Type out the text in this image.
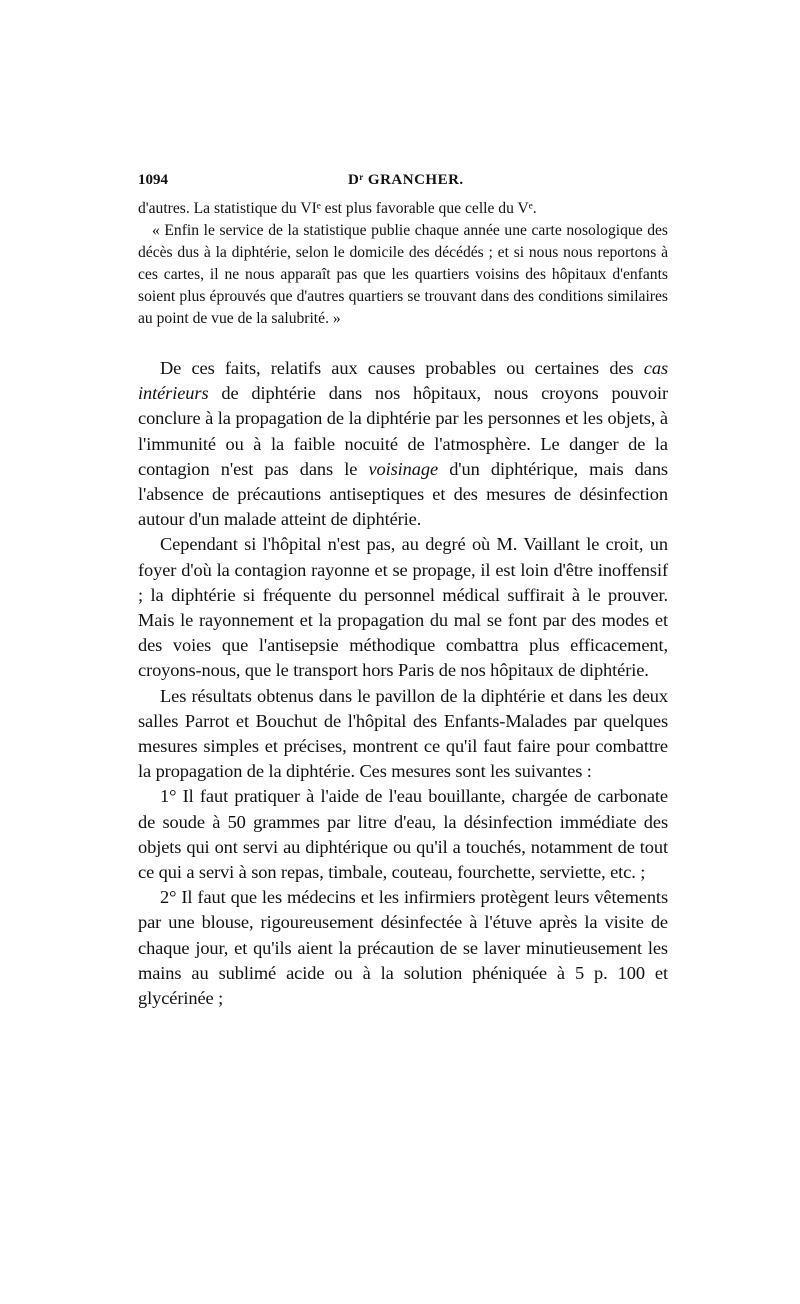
1094	Dʳ GRANCHER.

d'autres. La statistique du VIᵉ est plus favorable que celle du Vᵉ.

« Enfin le service de la statistique publie chaque année une carte nosologique des décès dus à la diphtérie, selon le domicile des décédés ; et si nous nous reportons à ces cartes, il ne nous apparaît pas que les quartiers voisins des hôpitaux d'enfants soient plus éprouvés que d'autres quartiers se trouvant dans des conditions similaires au point de vue de la salubrité. »

De ces faits, relatifs aux causes probables ou certaines des cas intérieurs de diphtérie dans nos hôpitaux, nous croyons pouvoir conclure à la propagation de la diphtérie par les personnes et les objets, à l'immunité ou à la faible nocuité de l'atmosphère. Le danger de la contagion n'est pas dans le voisinage d'un diphtérique, mais dans l'absence de précautions antiseptiques et des mesures de désinfection autour d'un malade atteint de diphtérie.

Cependant si l'hôpital n'est pas, au degré où M. Vaillant le croit, un foyer d'où la contagion rayonne et se propage, il est loin d'être inoffensif ; la diphtérie si fréquente du personnel médical suffirait à le prouver. Mais le rayonnement et la propagation du mal se font par des modes et des voies que l'antisepsie méthodique combattra plus efficacement, croyons-nous, que le transport hors Paris de nos hôpitaux de diphtérie.

Les résultats obtenus dans le pavillon de la diphtérie et dans les deux salles Parrot et Bouchut de l'hôpital des Enfants-Malades par quelques mesures simples et précises, montrent ce qu'il faut faire pour combattre la propagation de la diphtérie. Ces mesures sont les suivantes :

1° Il faut pratiquer à l'aide de l'eau bouillante, chargée de carbonate de soude à 50 grammes par litre d'eau, la désinfection immédiate des objets qui ont servi au diphtérique ou qu'il a touchés, notamment de tout ce qui a servi à son repas, timbale, couteau, fourchette, serviette, etc. ;

2° Il faut que les médecins et les infirmiers protègent leurs vêtements par une blouse, rigoureusement désinfectée à l'étuve après la visite de chaque jour, et qu'ils aient la précaution de se laver minutieusement les mains au sublimé acide ou à la solution phéniquée à 5 p. 100 et glycérinée ;
